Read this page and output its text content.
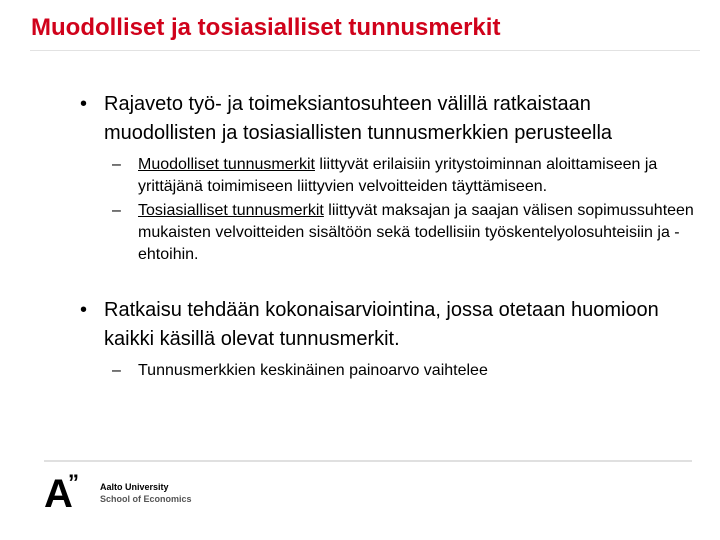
Muodolliset ja tosiasialliset tunnusmerkit
• Rajaveto työ- ja toimeksiantosuhteen välillä ratkaistaan muodollisten ja tosiasiallisten tunnusmerkkien perusteella
– Muodolliset tunnusmerkit liittyvät erilaisiin yritystoiminnan aloittamiseen ja yrittäjänä toimimiseen liittyvien velvoitteiden täyttämiseen.
– Tosiasialliset tunnusmerkit liittyvät maksajan ja saajan välisen sopimussuhteen mukaisten velvoitteiden sisältöön sekä todellisiin työskentelyolosuhteisiin ja -ehtoihin.
• Ratkaisu tehdään kokonaisarviointina, jossa otetaan huomioon kaikki käsillä olevat tunnusmerkit.
– Tunnusmerkkien keskinäinen painoarvo vaihtelee
A
” Aalto University
School of Economics
